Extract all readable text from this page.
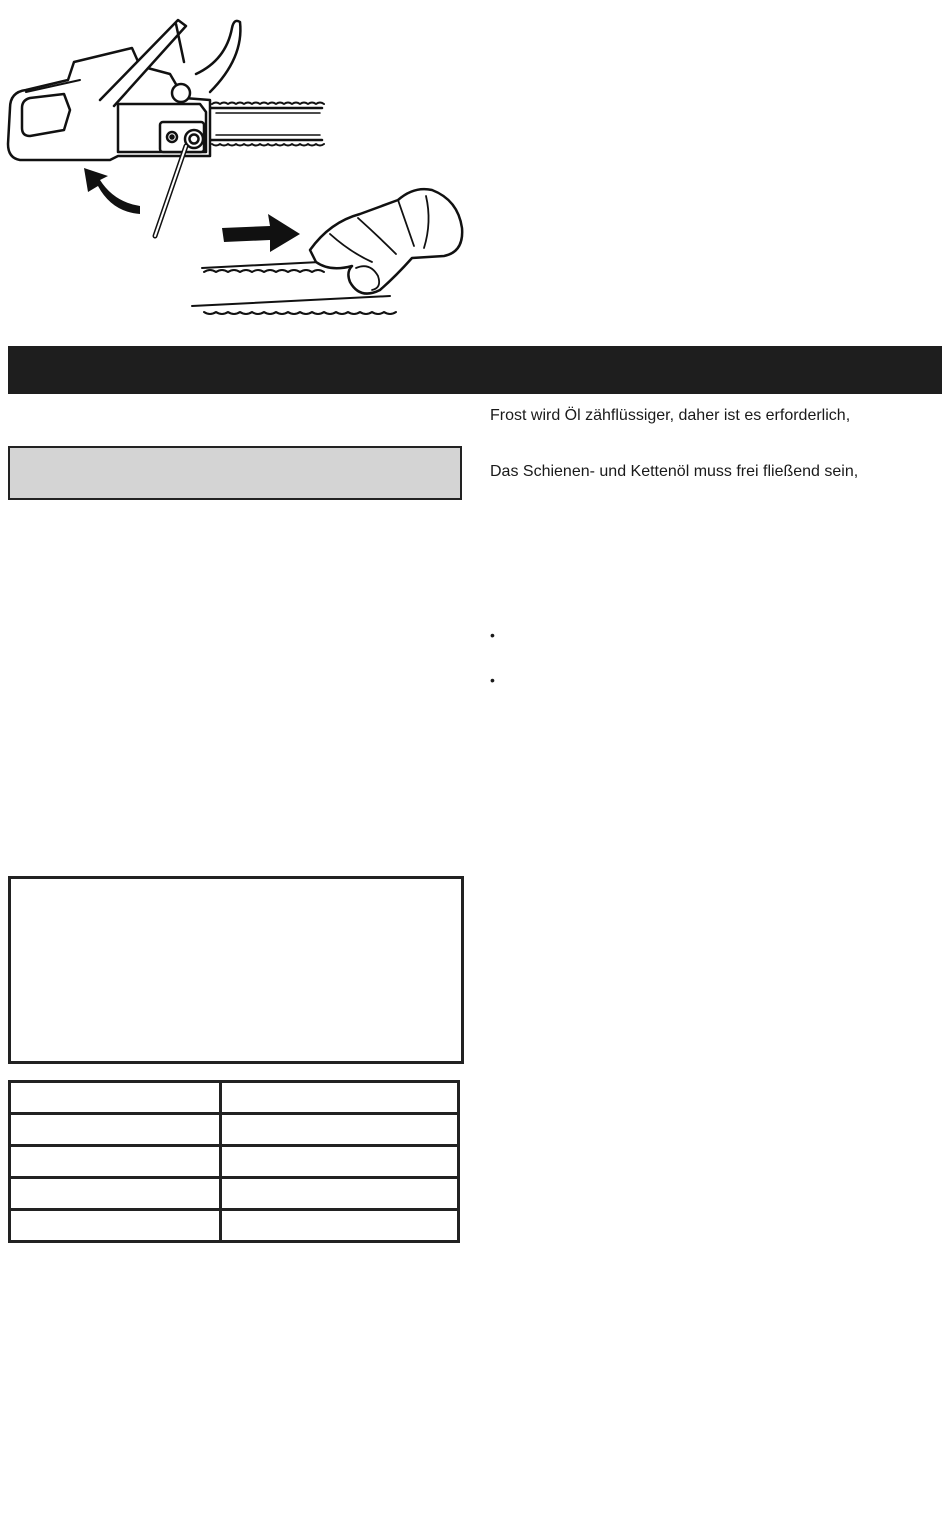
Frost wird Öl zähflüssiger, daher ist es erforderlich,
Das Schienen- und Kettenöl muss frei fließend sein,
•
•
